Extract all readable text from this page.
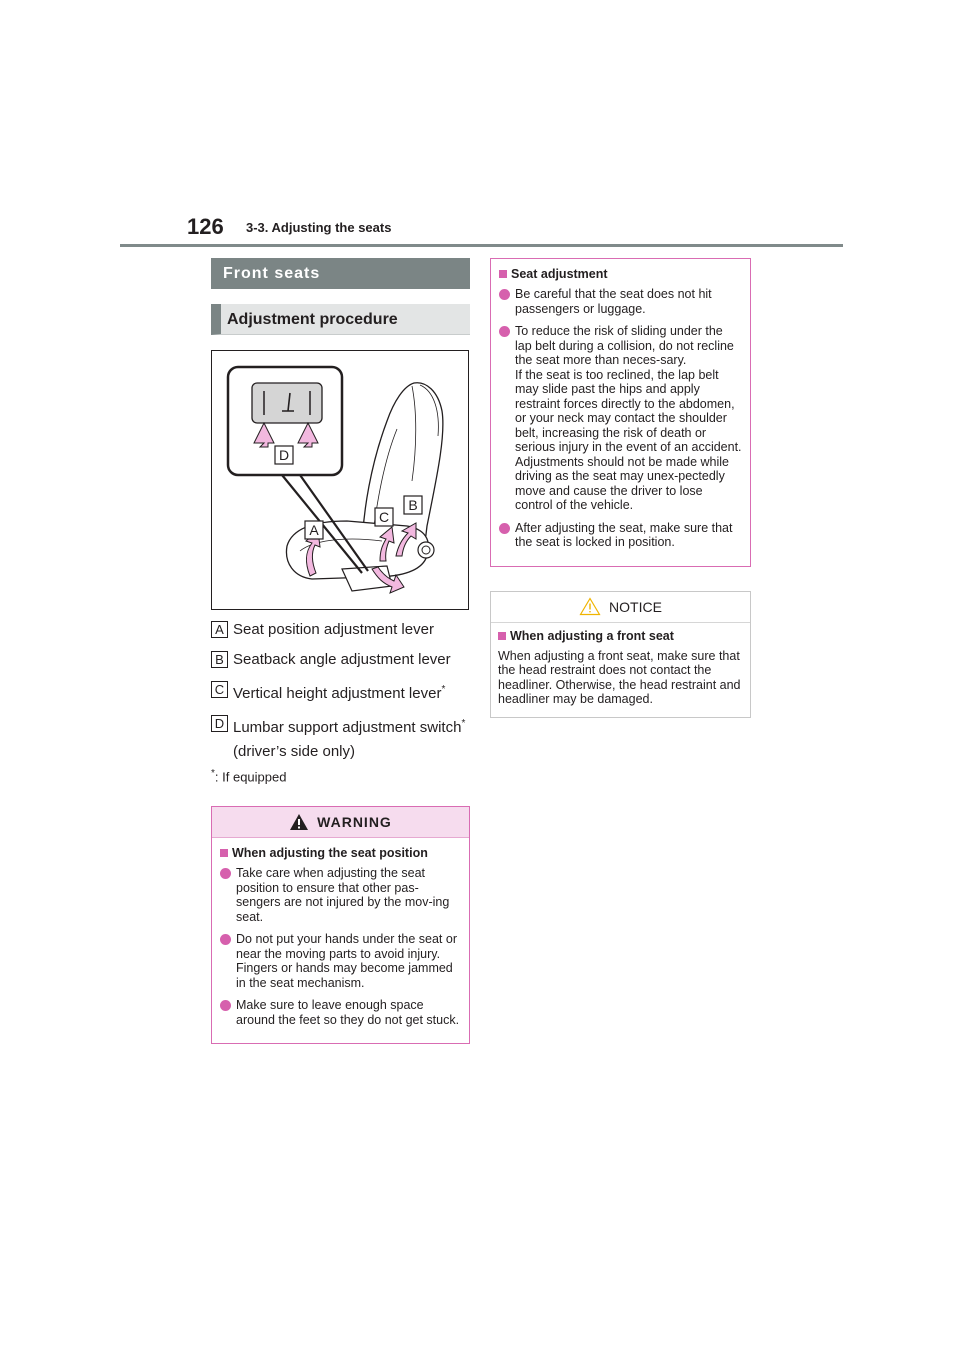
126 3-3. Adjusting the seats
Front seats
Adjustment procedure
D
A
C
B
A Seat position adjustment lever
B Seatback angle adjustment lever
C Vertical height adjustment lever*
D Lumbar support adjustment switch* (driver’s side only)
*: If equipped
WARNING
When adjusting the seat position
Take care when adjusting the seat position to ensure that other pas-sengers are not injured by the mov-ing seat.
Do not put your hands under the seat or near the moving parts to avoid injury.
Fingers or hands may become jammed in the seat mechanism.
Make sure to leave enough space around the feet so they do not get stuck.
Seat adjustment
Be careful that the seat does not hit passengers or luggage.
To reduce the risk of sliding under the lap belt during a collision, do not recline the seat more than neces-sary.
If the seat is too reclined, the lap belt may slide past the hips and apply restraint forces directly to the abdomen, or your neck may contact the shoulder belt, increasing the risk of death or serious injury in the event of an accident.
Adjustments should not be made while driving as the seat may unex-pectedly move and cause the driver to lose control of the vehicle.
After adjusting the seat, make sure that the seat is locked in position.
NOTICE
When adjusting a front seat
When adjusting a front seat, make sure that the head restraint does not contact the headliner. Otherwise, the head restraint and headliner may be damaged.
